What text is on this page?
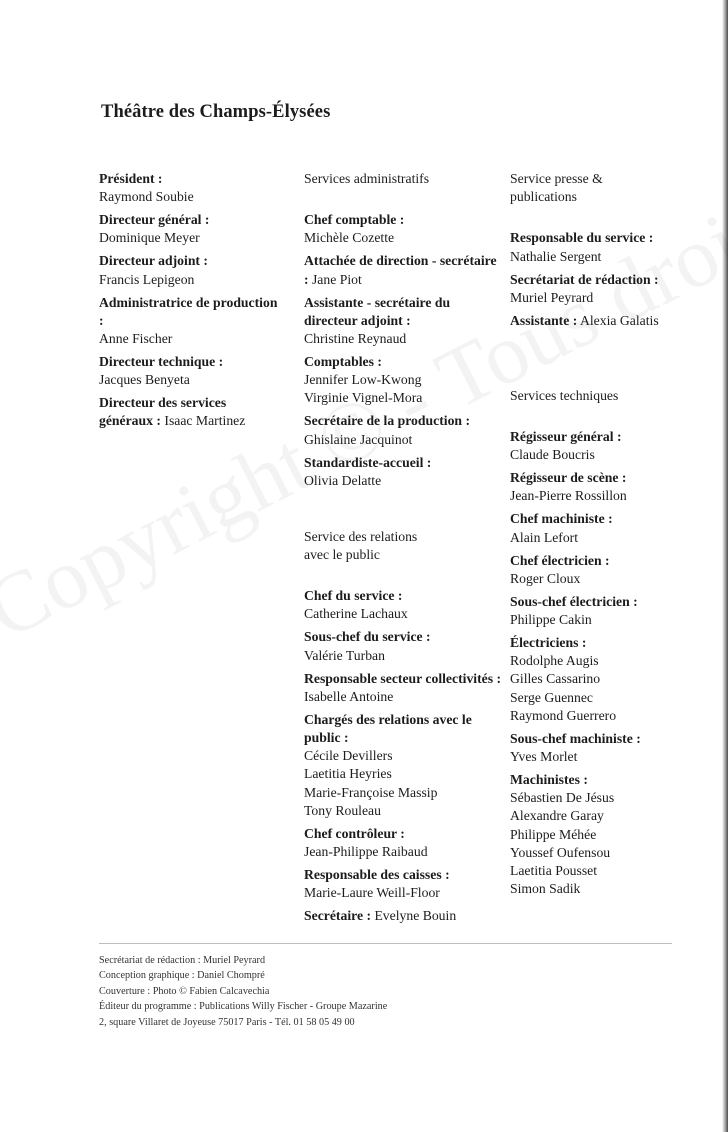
Théâtre des Champs-Élysées
Président :
Raymond Soubie
Directeur général :
Dominique Meyer
Directeur adjoint :
Francis Lepigeon
Administratrice de production :
Anne Fischer
Directeur technique :
Jacques Benyeta
Directeur des services généraux : Isaac Martinez
Services administratifs
Chef comptable :
Michèle Cozette
Attachée de direction - secrétaire : Jane Piot
Assistante - secrétaire du directeur adjoint :
Christine Reynaud
Comptables :
Jennifer Low-Kwong
Virginie Vignel-Mora
Secrétaire de la production :
Ghislaine Jacquinot
Standardiste-accueil :
Olivia Delatte
Service des relations avec le public
Chef du service :
Catherine Lachaux
Sous-chef du service :
Valérie Turban
Responsable secteur collectivités : Isabelle Antoine
Chargés des relations avec le public :
Cécile Devillers
Laetitia Heyries
Marie-Françoise Massip
Tony Rouleau
Chef contrôleur :
Jean-Philippe Raibaud
Responsable des caisses :
Marie-Laure Weill-Floor
Secrétaire : Evelyne Bouin
Service presse & publications
Responsable du service :
Nathalie Sergent
Secrétariat de rédaction :
Muriel Peyrard
Assistante : Alexia Galatis
Services techniques
Régisseur général :
Claude Boucris
Régisseur de scène :
Jean-Pierre Rossillon
Chef machiniste :
Alain Lefort
Chef électricien :
Roger Cloux
Sous-chef électricien :
Philippe Cakin
Électriciens :
Rodolphe Augis
Gilles Cassarino
Serge Guennec
Raymond Guerrero
Sous-chef machiniste :
Yves Morlet
Machinistes :
Sébastien De Jésus
Alexandre Garay
Philippe Méhée
Youssef Oufensou
Laetitia Pousset
Simon Sadik
Secrétariat de rédaction : Muriel Peyrard
Conception graphique : Daniel Chompré
Couverture : Photo © Fabien Calcavechia
Éditeur du programme : Publications Willy Fischer - Groupe Mazarine
2, square Villaret de Joyeuse 75017 Paris - Tél. 01 58 05 49 00
